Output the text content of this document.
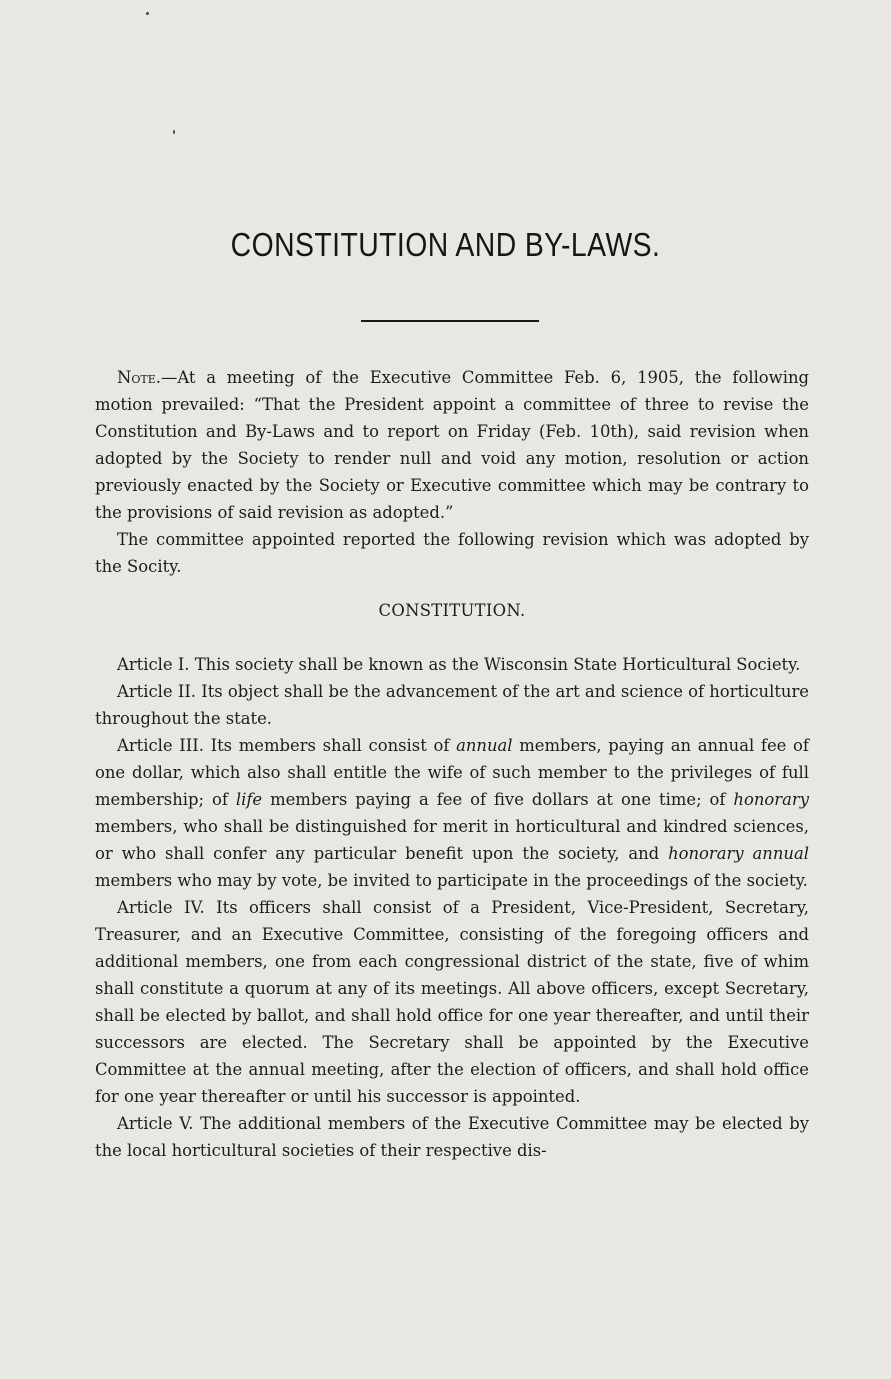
CONSTITUTION AND BY-LAWS.

Note.—At a meeting of the Executive Committee Feb. 6, 1905, the following motion prevailed: “That the President appoint a committee of three to revise the Constitution and By-Laws and to report on Friday (Feb. 10th), said revision when adopted by the Society to render null and void any motion, resolution or action previously enacted by the Society or Executive committee which may be contrary to the provisions of said revision as adopted.”

The committee appointed reported the following revision which was adopted by the Socity.

CONSTITUTION.

Article I. This society shall be known as the Wisconsin State Horticultural Society.

Article II. Its object shall be the advancement of the art and science of horticulture throughout the state.

Article III. Its members shall consist of annual members, paying an annual fee of one dollar, which also shall entitle the wife of such member to the privileges of full membership; of life members paying a fee of five dollars at one time; of honorary members, who shall be distinguished for merit in horticultural and kindred sciences, or who shall confer any particular benefit upon the society, and honorary annual members who may by vote, be invited to participate in the proceedings of the society.

Article IV. Its officers shall consist of a President, Vice-President, Secretary, Treasurer, and an Executive Committee, consisting of the foregoing officers and additional members, one from each congressional district of the state, five of whim shall constitute a quorum at any of its meetings. All above officers, except Secretary, shall be elected by ballot, and shall hold office for one year thereafter, and until their successors are elected. The Secretary shall be appointed by the Executive Committee at the annual meeting, after the election of officers, and shall hold office for one year thereafter or until his successor is appointed.

Article V. The additional members of the Executive Committee may be elected by the local horticultural societies of their respective dis-
